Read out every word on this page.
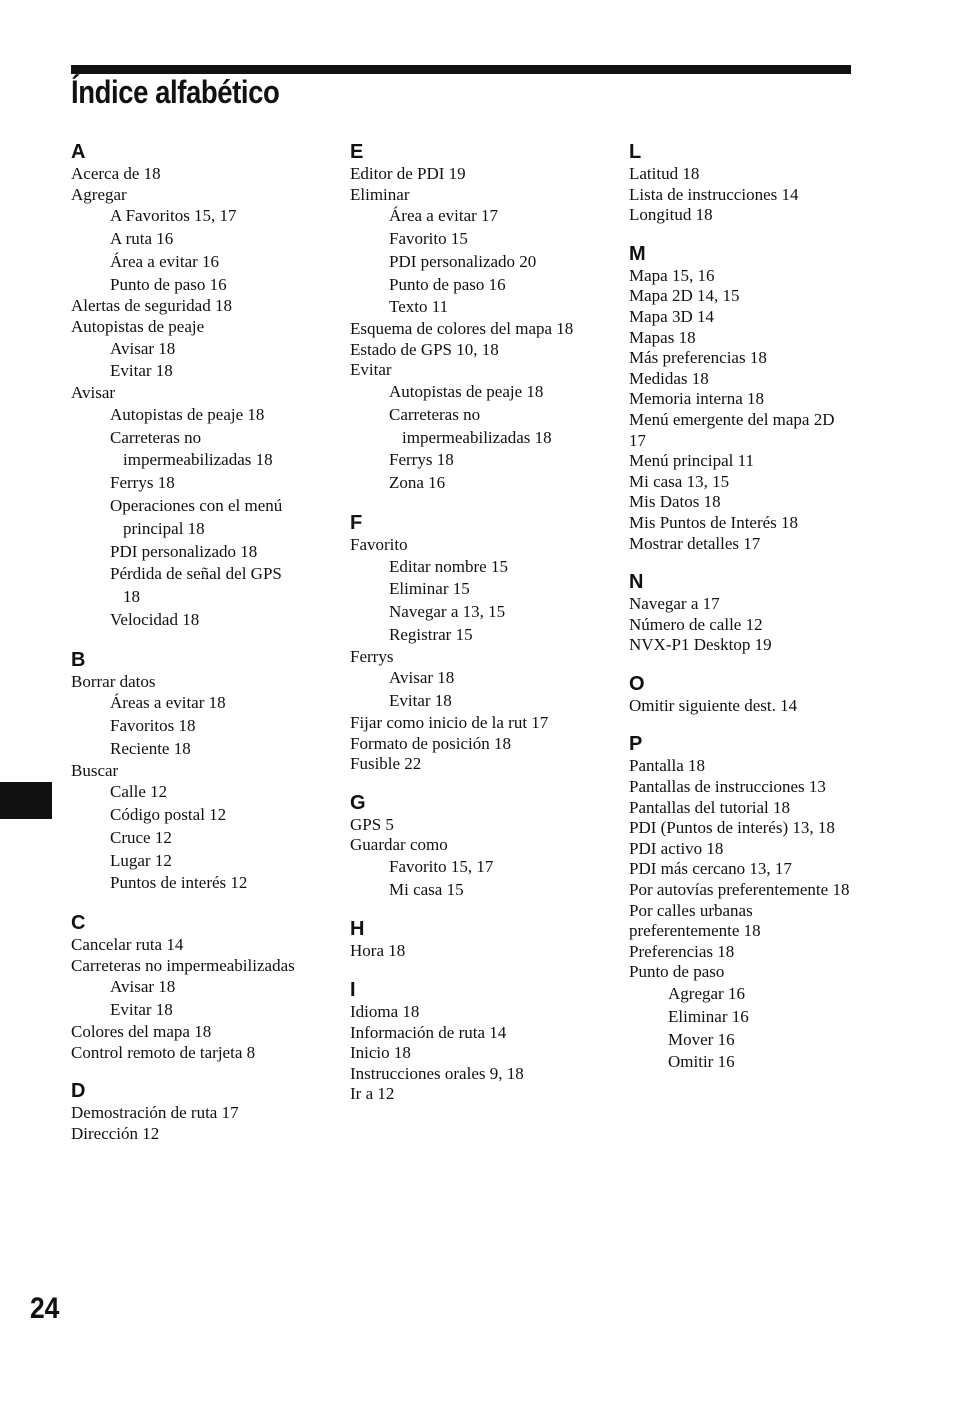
Índice alfabético
A
Acerca de 18
Agregar
A Favoritos 15, 17
A ruta 16
Área a evitar 16
Punto de paso 16
Alertas de seguridad 18
Autopistas de peaje
Avisar 18
Evitar 18
Avisar
Autopistas de peaje 18
Carreteras no
impermeabilizadas 18
Ferrys 18
Operaciones con el menú
principal 18
PDI personalizado 18
Pérdida de señal del GPS
18
Velocidad 18
B
Borrar datos
Áreas a evitar 18
Favoritos 18
Reciente 18
Buscar
Calle 12
Código postal 12
Cruce 12
Lugar 12
Puntos de interés 12
C
Cancelar ruta 14
Carreteras no impermeabilizadas
Avisar 18
Evitar 18
Colores del mapa 18
Control remoto de tarjeta 8
D
Demostración de ruta 17
Dirección 12
E
Editor de PDI 19
Eliminar
Área a evitar 17
Favorito 15
PDI personalizado 20
Punto de paso 16
Texto 11
Esquema de colores del mapa 18
Estado de GPS 10, 18
Evitar
Autopistas de peaje 18
Carreteras no
impermeabilizadas 18
Ferrys 18
Zona 16
F
Favorito
Editar nombre 15
Eliminar 15
Navegar a 13, 15
Registrar 15
Ferrys
Avisar 18
Evitar 18
Fijar como inicio de la rut 17
Formato de posición 18
Fusible 22
G
GPS 5
Guardar como
Favorito 15, 17
Mi casa 15
H
Hora 18
I
Idioma 18
Información de ruta 14
Inicio 18
Instrucciones orales 9, 18
Ir a 12
L
Latitud 18
Lista de instrucciones 14
Longitud 18
M
Mapa 15, 16
Mapa 2D 14, 15
Mapa 3D 14
Mapas 18
Más preferencias 18
Medidas 18
Memoria interna 18
Menú emergente del mapa 2D
17
Menú principal 11
Mi casa 13, 15
Mis Datos 18
Mis Puntos de Interés 18
Mostrar detalles 17
N
Navegar a 17
Número de calle 12
NVX-P1 Desktop 19
O
Omitir siguiente dest. 14
P
Pantalla 18
Pantallas de instrucciones 13
Pantallas del tutorial 18
PDI (Puntos de interés) 13, 18
PDI activo 18
PDI más cercano 13, 17
Por autovías preferentemente 18
Por calles urbanas
preferentemente 18
Preferencias 18
Punto de paso
Agregar 16
Eliminar 16
Mover 16
Omitir 16
24
